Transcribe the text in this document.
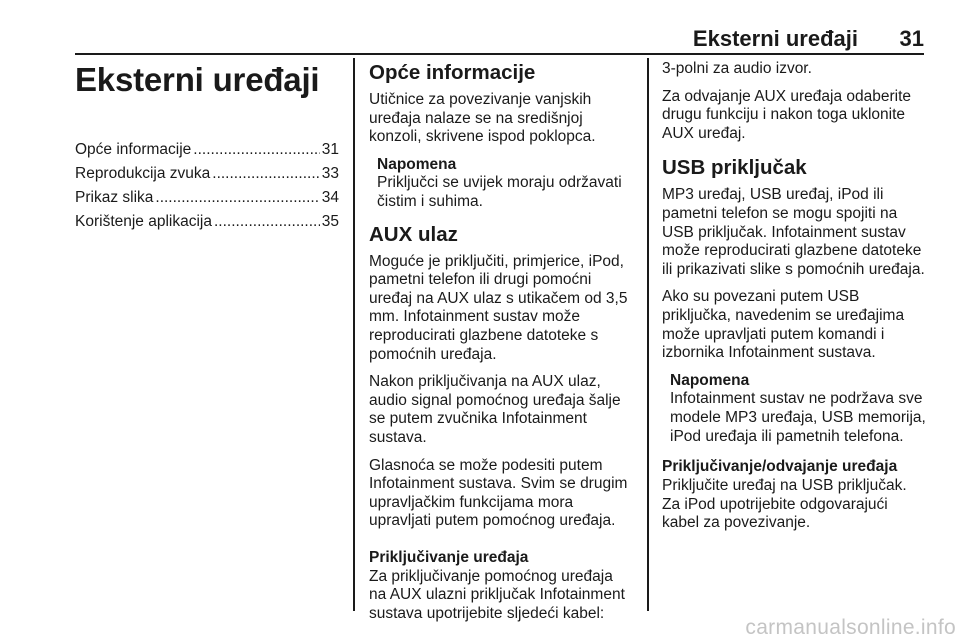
Eksterni uređaji 31
Eksterni uređaji
Opće informacije .....	31
Reprodukcija zvuka .....	33
Prikaz slika .....	34
Korištenje aplikacija .....	35
Opće informacije

Utičnice za povezivanje vanjskih uređaja nalaze se na središnjoj konzoli, skrivene ispod poklopca.

Napomena
Priključci se uvijek moraju održavati čistim i suhima.
AUX ulaz

Moguće je priključiti, primjerice, iPod, pametni telefon ili drugi pomoćni uređaj na AUX ulaz s utikačem od 3,5 mm. Infotainment sustav može reproducirati glazbene datoteke s pomoćnih uređaja.

Nakon priključivanja na AUX ulaz, audio signal pomoćnog uređaja šalje se putem zvučnika Infotainment sustava.

Glasnoća se može podesiti putem Infotainment sustava. Svim se drugim upravljačkim funkcijama mora upravljati putem pomoćnog uređaja.

Priključivanje uređaja

Za priključivanje pomoćnog uređaja na AUX ulazni priključak Infotainment sustava upotrijebite sljedeći kabel:

3-polni za audio izvor.

Za odvajanje AUX uređaja odaberite drugu funkciju i nakon toga uklonite AUX uređaj.

USB priključak

MP3 uređaj, USB uređaj, iPod ili pametni telefon se mogu spojiti na USB priključak. Infotainment sustav može reproducirati glazbene datoteke ili prikazivati slike s pomoćnih uređaja.

Ako su povezani putem USB priključka, navedenim se uređajima može upravljati putem komandi i izbornika Infotainment sustava.

Napomena
Infotainment sustav ne podržava sve modele MP3 uređaja, USB memorija, iPod uređaja ili pametnih telefona.
Priključivanje/odvajanje uređaja

Priključite uređaj na USB priključak. Za iPod upotrijebite odgovarajući kabel za povezivanje.

carmanualsonline.info
